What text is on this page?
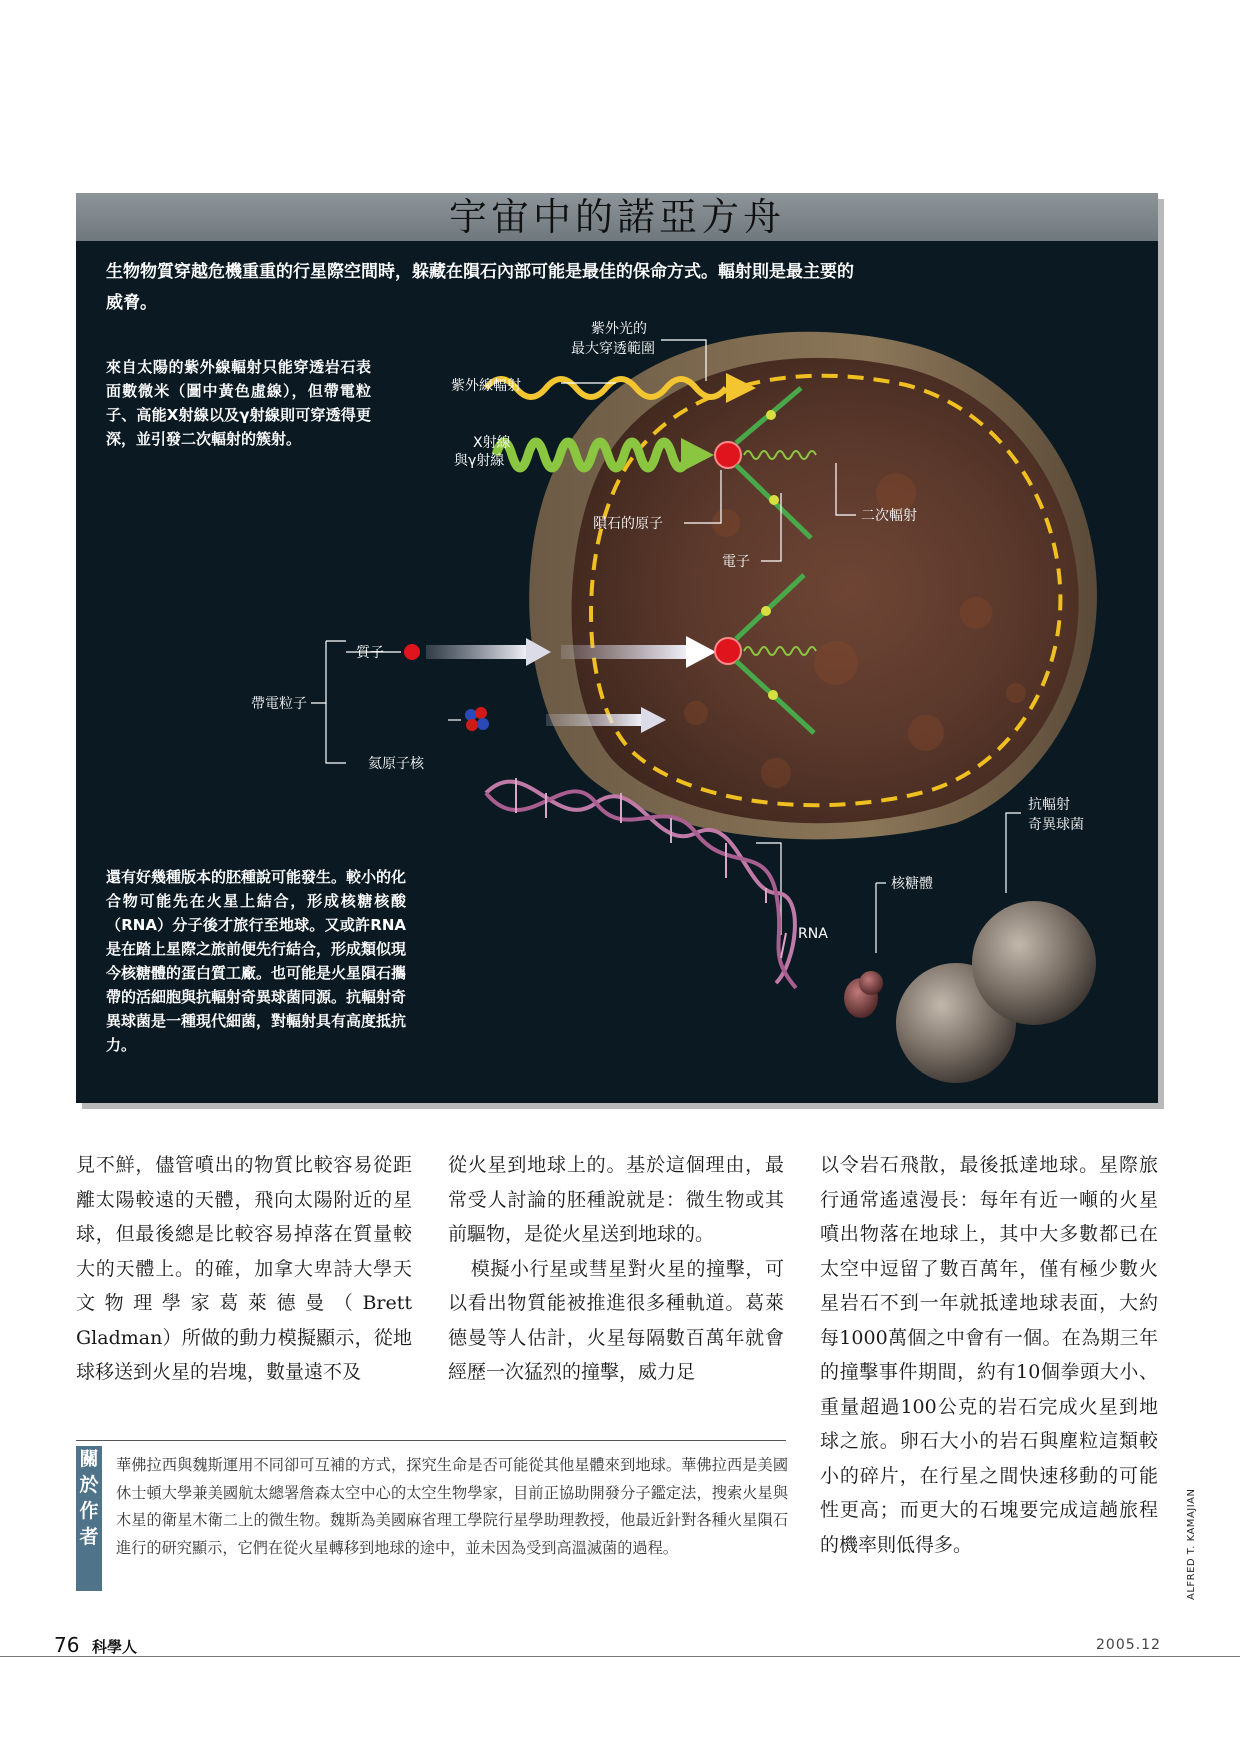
宇宙中的諾亞方舟

生物物質穿越危機重重的行星際空間時，躲藏在隕石內部可能是最佳的保命方式。輻射則是最主要的威脅。

紫外光的
最大穿透範圍
紫外線輻射
X射線
與γ射線
隕石的原子	二次輻射
電子
質子
帶電粒子
氦原子核
RNA
核糖體
抗輻射
奇異球菌

來自太陽的紫外線輻射只能穿透岩石表面數微米（圖中黃色虛線），但帶電粒子、高能X射線以及γ射線則可穿透得更深，並引發二次輻射的簇射。

還有好幾種版本的胚種說可能發生。較小的化合物可能先在火星上結合，形成核糖核酸（RNA）分子後才旅行至地球。又或許RNA是在踏上星際之旅前便先行結合，形成類似現今核糖體的蛋白質工廠。也可能是火星隕石攜帶的活細胞與抗輻射奇異球菌同源。抗輻射奇異球菌是一種現代細菌，對輻射具有高度抵抗力。

見不鮮，儘管噴出的物質比較容易從距離太陽較遠的天體，飛向太陽附近的星球，但最後總是比較容易掉落在質量較大的天體上。的確，加拿大卑詩大學天文物理學家葛萊德曼（Brett Gladman）所做的動力模擬顯示，從地球移送到火星的岩塊，數量遠不及

從火星到地球上的。基於這個理由，最常受人討論的胚種說就是：微生物或其前驅物，是從火星送到地球的。

模擬小行星或彗星對火星的撞擊，可以看出物質能被推進很多種軌道。葛萊德曼等人估計，火星每隔數百萬年就會經歷一次猛烈的撞擊，威力足

以令岩石飛散，最後抵達地球。星際旅行通常遙遠漫長：每年有近一噸的火星噴出物落在地球上，其中大多數都已在太空中逗留了數百萬年，僅有極少數火星岩石不到一年就抵達地球表面，大約每1000萬個之中會有一個。在為期三年的撞擊事件期間，約有10個拳頭大小、重量超過100公克的岩石完成火星到地球之旅。卵石大小的岩石與塵粒這類較小的碎片，在行星之間快速移動的可能性更高；而更大的石塊要完成這趟旅程的機率則低得多。

關於作者

華佛拉西與魏斯運用不同卻可互補的方式，探究生命是否可能從其他星體來到地球。華佛拉西是美國休士頓大學兼美國航太總署詹森太空中心的太空生物學家，目前正協助開發分子鑑定法，搜索火星與木星的衛星木衛二上的微生物。魏斯為美國麻省理工學院行星學助理教授，他最近針對各種火星隕石進行的研究顯示，它們在從火星轉移到地球的途中，並未因為受到高溫滅菌的過程。	ALFRED T. KAMAJIAN
76 科學人	2005.12
